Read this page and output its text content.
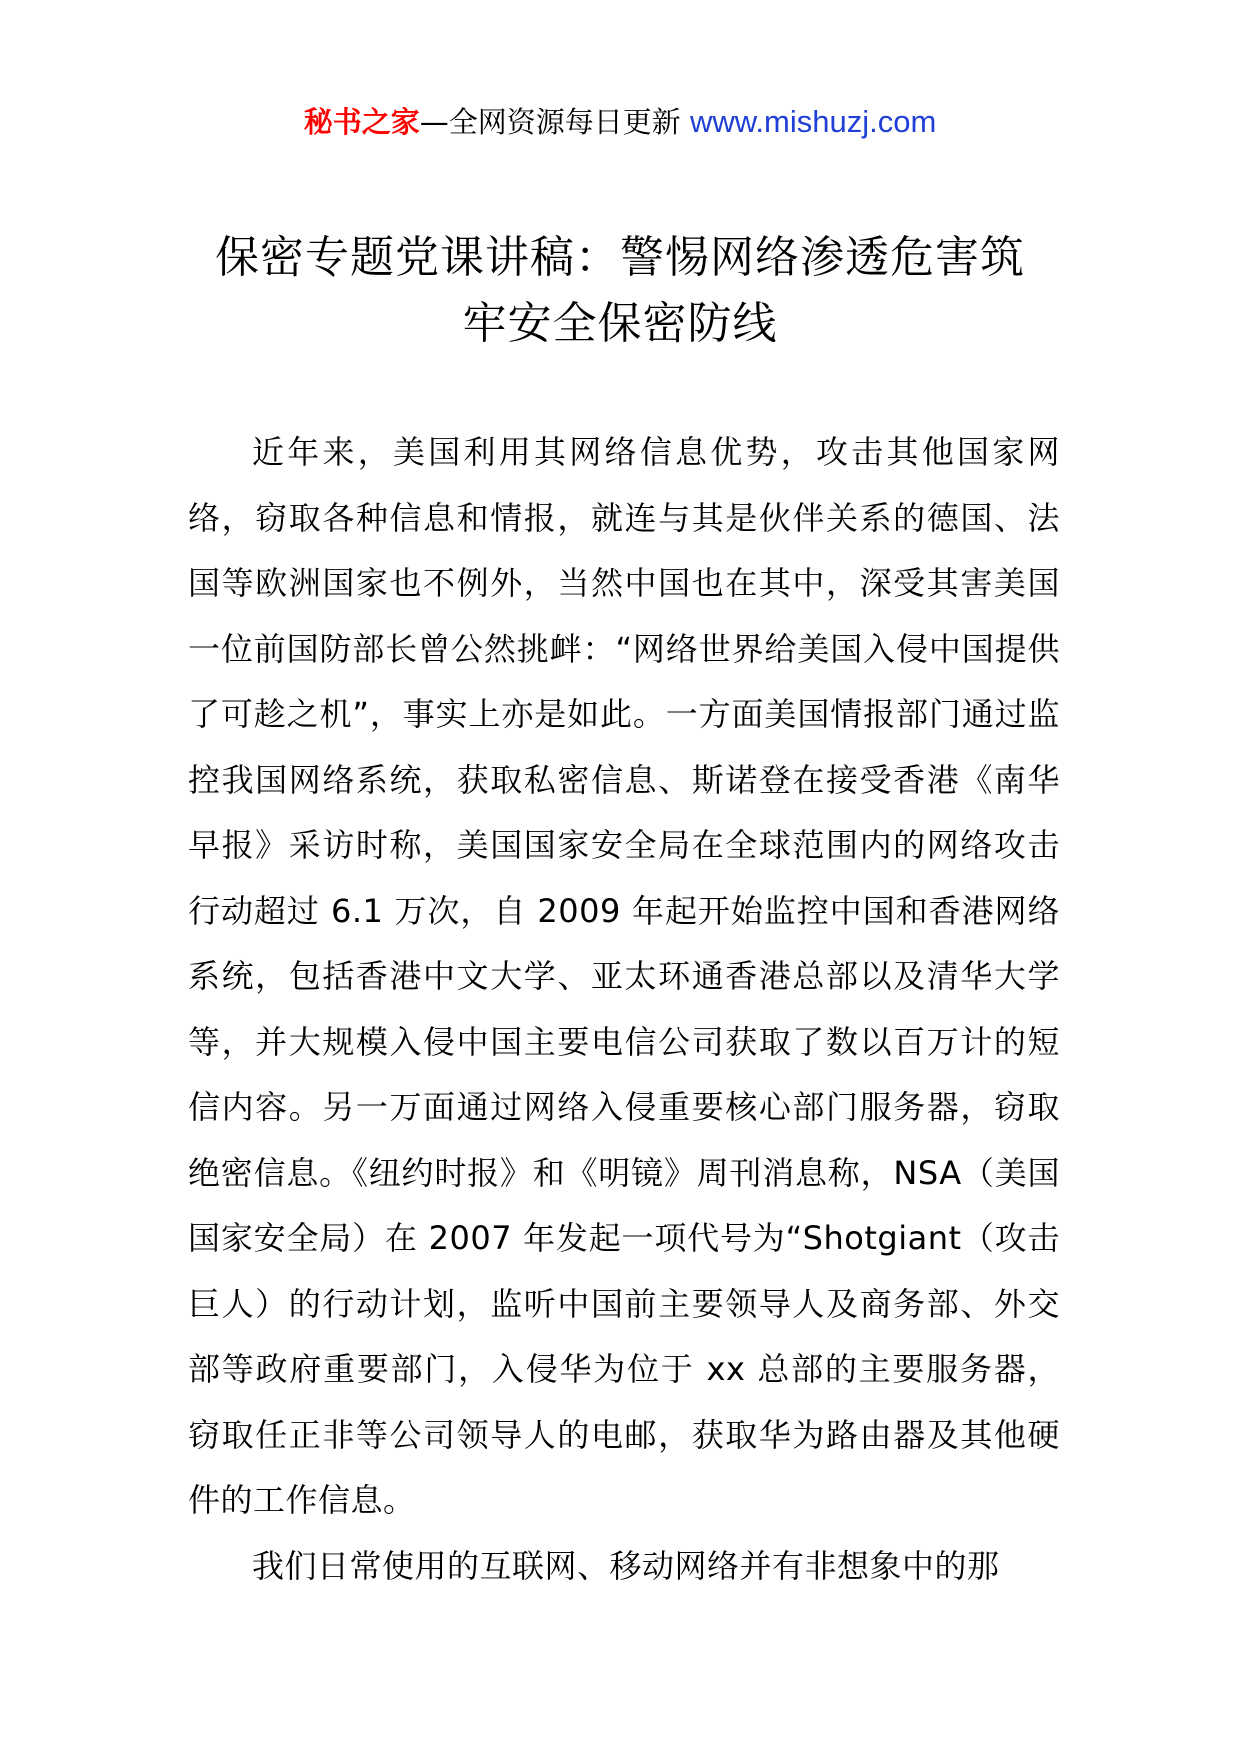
秘书之家—全网资源每日更新 www.mishuzj.com
保密专题党课讲稿：警惕网络渗透危害筑
牢安全保密防线

近年来，美国利用其网络信息优势，攻击其他国家网络，窃取各种信息和情报，就连与其是伙伴关系的德国、法国等欧洲国家也不例外，当然中国也在其中，深受其害美国一位前国防部长曾公然挑衅：“网络世界给美国入侵中国提供了可趁之机”，事实上亦是如此。一方面美国情报部门通过监控我国网络系统，获取私密信息、斯诺登在接受香港《南华早报》采访时称，美国国家安全局在全球范围内的网络攻击行动超过 6.1 万次，自 2009 年起开始监控中国和香港网络系统，包括香港中文大学、亚太环通香港总部以及清华大学等，并大规模入侵中国主要电信公司获取了数以百万计的短信内容。另一万面通过网络入侵重要核心部门服务器，窃取绝密信息。《纽约时报》和《明镜》周刊消息称，NSA（美国国家安全局）在 2007 年发起一项代号为“Shotgiant（攻击巨人）的行动计划，监听中国前主要领导人及商务部、外交部等政府重要部门，入侵华为位于 xx 总部的主要服务器，窃取任正非等公司领导人的电邮，获取华为路由器及其他硬件的工作信息。

我们日常使用的互联网、移动网络并有非想象中的那
